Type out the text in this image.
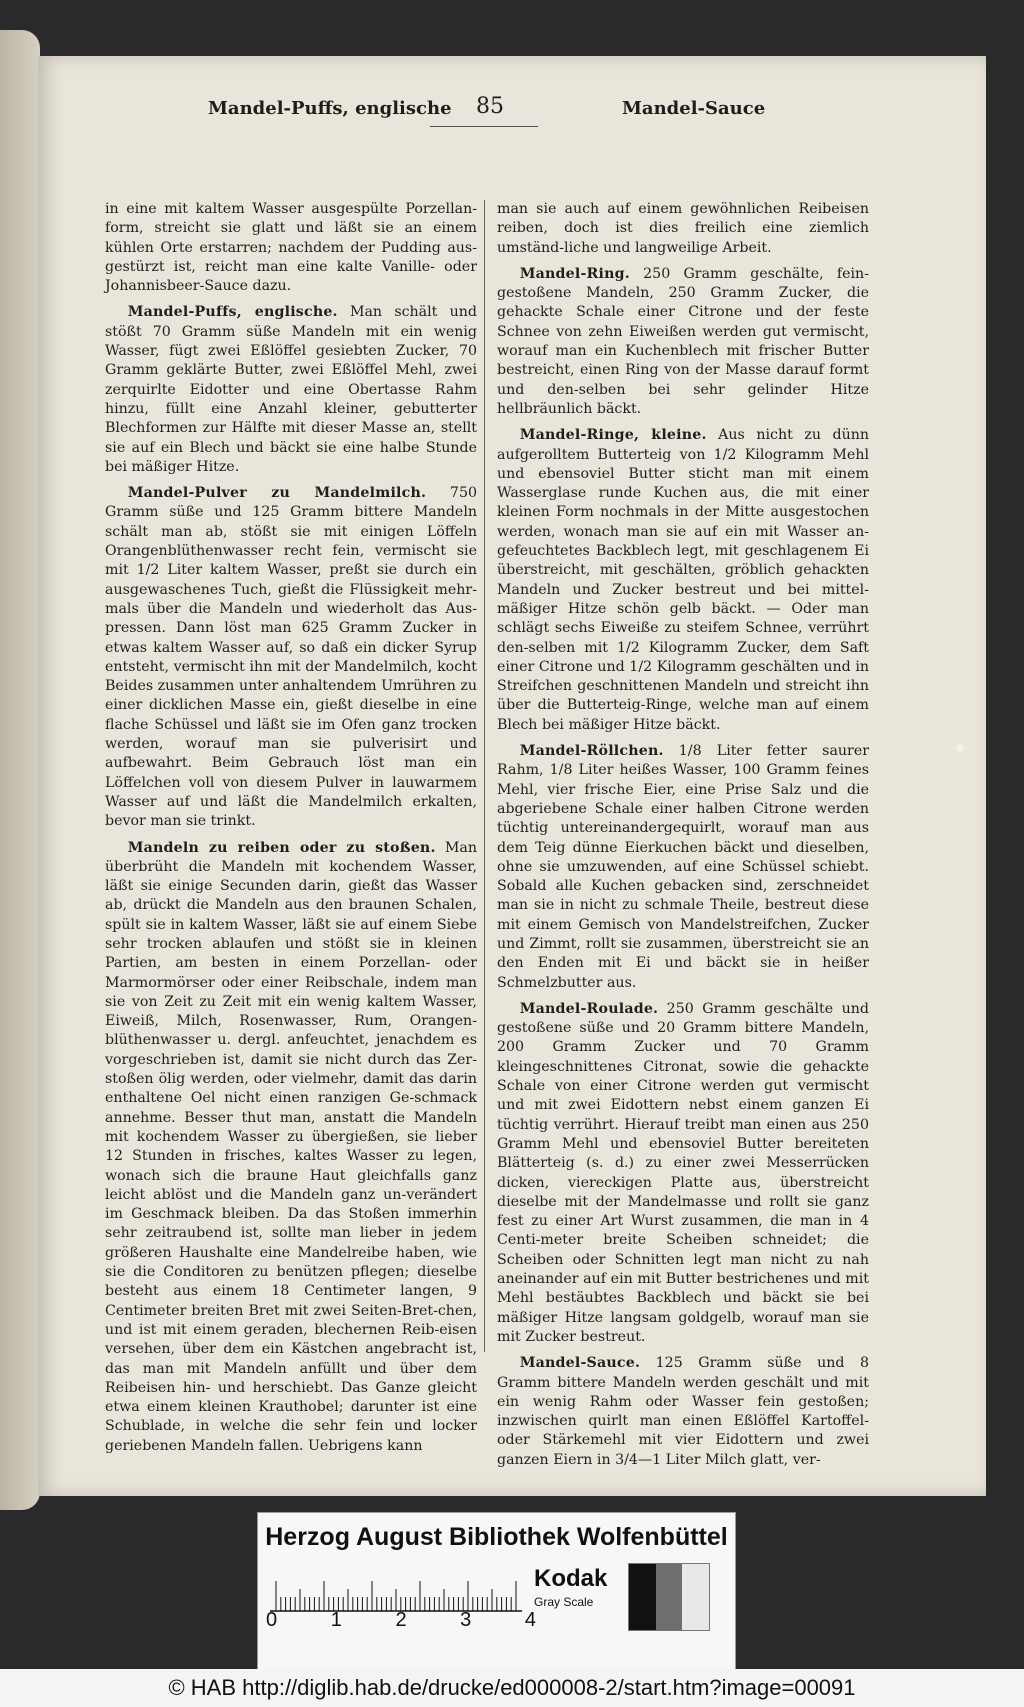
Mandel-Puffs, englische 85	Mandel-Sauce

in eine mit kaltem Wasser ausgespülte Porzellan-form, streicht sie glatt und läßt sie an einem kühlen Orte erstarren; nachdem der Pudding aus-gestürzt ist, reicht man eine kalte Vanille- oder Johannisbeer-Sauce dazu.

Mandel-Puffs, englische. Man schält und stößt 70 Gramm süße Mandeln mit ein wenig Wasser, fügt zwei Eßlöffel gesiebten Zucker, 70 Gramm geklärte Butter, zwei Eßlöffel Mehl, zwei zerquirlte Eidotter und eine Obertasse Rahm hinzu, füllt eine Anzahl kleiner, gebutterter Blechformen zur Hälfte mit dieser Masse an, stellt sie auf ein Blech und bäckt sie eine halbe Stunde bei mäßiger Hitze.

Mandel-Pulver zu Mandelmilch. 750 Gramm süße und 125 Gramm bittere Mandeln schält man ab, stößt sie mit einigen Löffeln Orangenblüthenwasser recht fein, vermischt sie mit 1/2 Liter kaltem Wasser, preßt sie durch ein ausgewaschenes Tuch, gießt die Flüssigkeit mehr-mals über die Mandeln und wiederholt das Aus-pressen. Dann löst man 625 Gramm Zucker in etwas kaltem Wasser auf, so daß ein dicker Syrup entsteht, vermischt ihn mit der Mandelmilch, kocht Beides zusammen unter anhaltendem Umrühren zu einer dicklichen Masse ein, gießt dieselbe in eine flache Schüssel und läßt sie im Ofen ganz trocken werden, worauf man sie pulverisirt und aufbewahrt. Beim Gebrauch löst man ein Löffelchen voll von diesem Pulver in lauwarmem Wasser auf und läßt die Mandelmilch erkalten, bevor man sie trinkt.

Mandeln zu reiben oder zu stoßen. Man überbrüht die Mandeln mit kochendem Wasser, läßt sie einige Secunden darin, gießt das Wasser ab, drückt die Mandeln aus den braunen Schalen, spült sie in kaltem Wasser, läßt sie auf einem Siebe sehr trocken ablaufen und stößt sie in kleinen Partien, am besten in einem Porzellan- oder Marmormörser oder einer Reibschale, indem man sie von Zeit zu Zeit mit ein wenig kaltem Wasser, Eiweiß, Milch, Rosenwasser, Rum, Orangen-blüthenwasser u. dergl. anfeuchtet, jenachdem es vorgeschrieben ist, damit sie nicht durch das Zer-stoßen ölig werden, oder vielmehr, damit das darin enthaltene Oel nicht einen ranzigen Ge-schmack annehme. Besser thut man, anstatt die Mandeln mit kochendem Wasser zu übergießen, sie lieber 12 Stunden in frisches, kaltes Wasser zu legen, wonach sich die braune Haut gleichfalls ganz leicht ablöst und die Mandeln ganz un-verändert im Geschmack bleiben. Da das Stoßen immerhin sehr zeitraubend ist, sollte man lieber in jedem größeren Haushalte eine Mandelreibe haben, wie sie die Conditoren zu benützen pflegen; dieselbe besteht aus einem 18 Centimeter langen, 9 Centimeter breiten Bret mit zwei Seiten-Bret-chen, und ist mit einem geraden, blechernen Reib-eisen versehen, über dem ein Kästchen angebracht ist, das man mit Mandeln anfüllt und über dem Reibeisen hin- und herschiebt. Das Ganze gleicht etwa einem kleinen Krauthobel; darunter ist eine Schublade, in welche die sehr fein und locker geriebenen Mandeln fallen. Uebrigens kann

man sie auch auf einem gewöhnlichen Reibeisen reiben, doch ist dies freilich eine ziemlich umständ-liche und langweilige Arbeit.

Mandel-Ring. 250 Gramm geschälte, fein-gestoßene Mandeln, 250 Gramm Zucker, die gehackte Schale einer Citrone und der feste Schnee von zehn Eiweißen werden gut vermischt, worauf man ein Kuchenblech mit frischer Butter bestreicht, einen Ring von der Masse darauf formt und den-selben bei sehr gelinder Hitze hellbräunlich bäckt.

Mandel-Ringe, kleine. Aus nicht zu dünn aufgerolltem Butterteig von 1/2 Kilogramm Mehl und ebensoviel Butter sticht man mit einem Wasserglase runde Kuchen aus, die mit einer kleinen Form nochmals in der Mitte ausgestochen werden, wonach man sie auf ein mit Wasser an-gefeuchtetes Backblech legt, mit geschlagenem Ei überstreicht, mit geschälten, gröblich gehackten Mandeln und Zucker bestreut und bei mittel-mäßiger Hitze schön gelb bäckt. — Oder man schlägt sechs Eiweiße zu steifem Schnee, verrührt den-selben mit 1/2 Kilogramm Zucker, dem Saft einer Citrone und 1/2 Kilogramm geschälten und in Streifchen geschnittenen Mandeln und streicht ihn über die Butterteig-Ringe, welche man auf einem Blech bei mäßiger Hitze bäckt.

Mandel-Röllchen. 1/8 Liter fetter saurer Rahm, 1/8 Liter heißes Wasser, 100 Gramm feines Mehl, vier frische Eier, eine Prise Salz und die abgeriebene Schale einer halben Citrone werden tüchtig untereinandergequirlt, worauf man aus dem Teig dünne Eierkuchen bäckt und dieselben, ohne sie umzuwenden, auf eine Schüssel schiebt. Sobald alle Kuchen gebacken sind, zerschneidet man sie in nicht zu schmale Theile, bestreut diese mit einem Gemisch von Mandelstreifchen, Zucker und Zimmt, rollt sie zusammen, überstreicht sie an den Enden mit Ei und bäckt sie in heißer Schmelzbutter aus.

Mandel-Roulade. 250 Gramm geschälte und gestoßene süße und 20 Gramm bittere Mandeln, 200 Gramm Zucker und 70 Gramm kleingeschnittenes Citronat, sowie die gehackte Schale von einer Citrone werden gut vermischt und mit zwei Eidottern nebst einem ganzen Ei tüchtig verrührt. Hierauf treibt man einen aus 250 Gramm Mehl und ebensoviel Butter bereiteten Blätterteig (s. d.) zu einer zwei Messerrücken dicken, viereckigen Platte aus, überstreicht dieselbe mit der Mandelmasse und rollt sie ganz fest zu einer Art Wurst zusammen, die man in 4 Centi-meter breite Scheiben schneidet; die Scheiben oder Schnitten legt man nicht zu nah aneinander auf ein mit Butter bestrichenes und mit Mehl bestäubtes Backblech und bäckt sie bei mäßiger Hitze langsam goldgelb, worauf man sie mit Zucker bestreut.

Mandel-Sauce. 125 Gramm süße und 8 Gramm bittere Mandeln werden geschält und mit ein wenig Rahm oder Wasser fein gestoßen; inzwischen quirlt man einen Eßlöffel Kartoffel- oder Stärkemehl mit vier Eidottern und zwei ganzen Eiern in 3/4—1 Liter Milch glatt, ver-

Herzog August Bibliothek Wolfenbüttel
0	1	2	3	4
Kodak
Gray Scale
© HAB http://diglib.hab.de/drucke/ed000008-2/start.htm?image=00091
